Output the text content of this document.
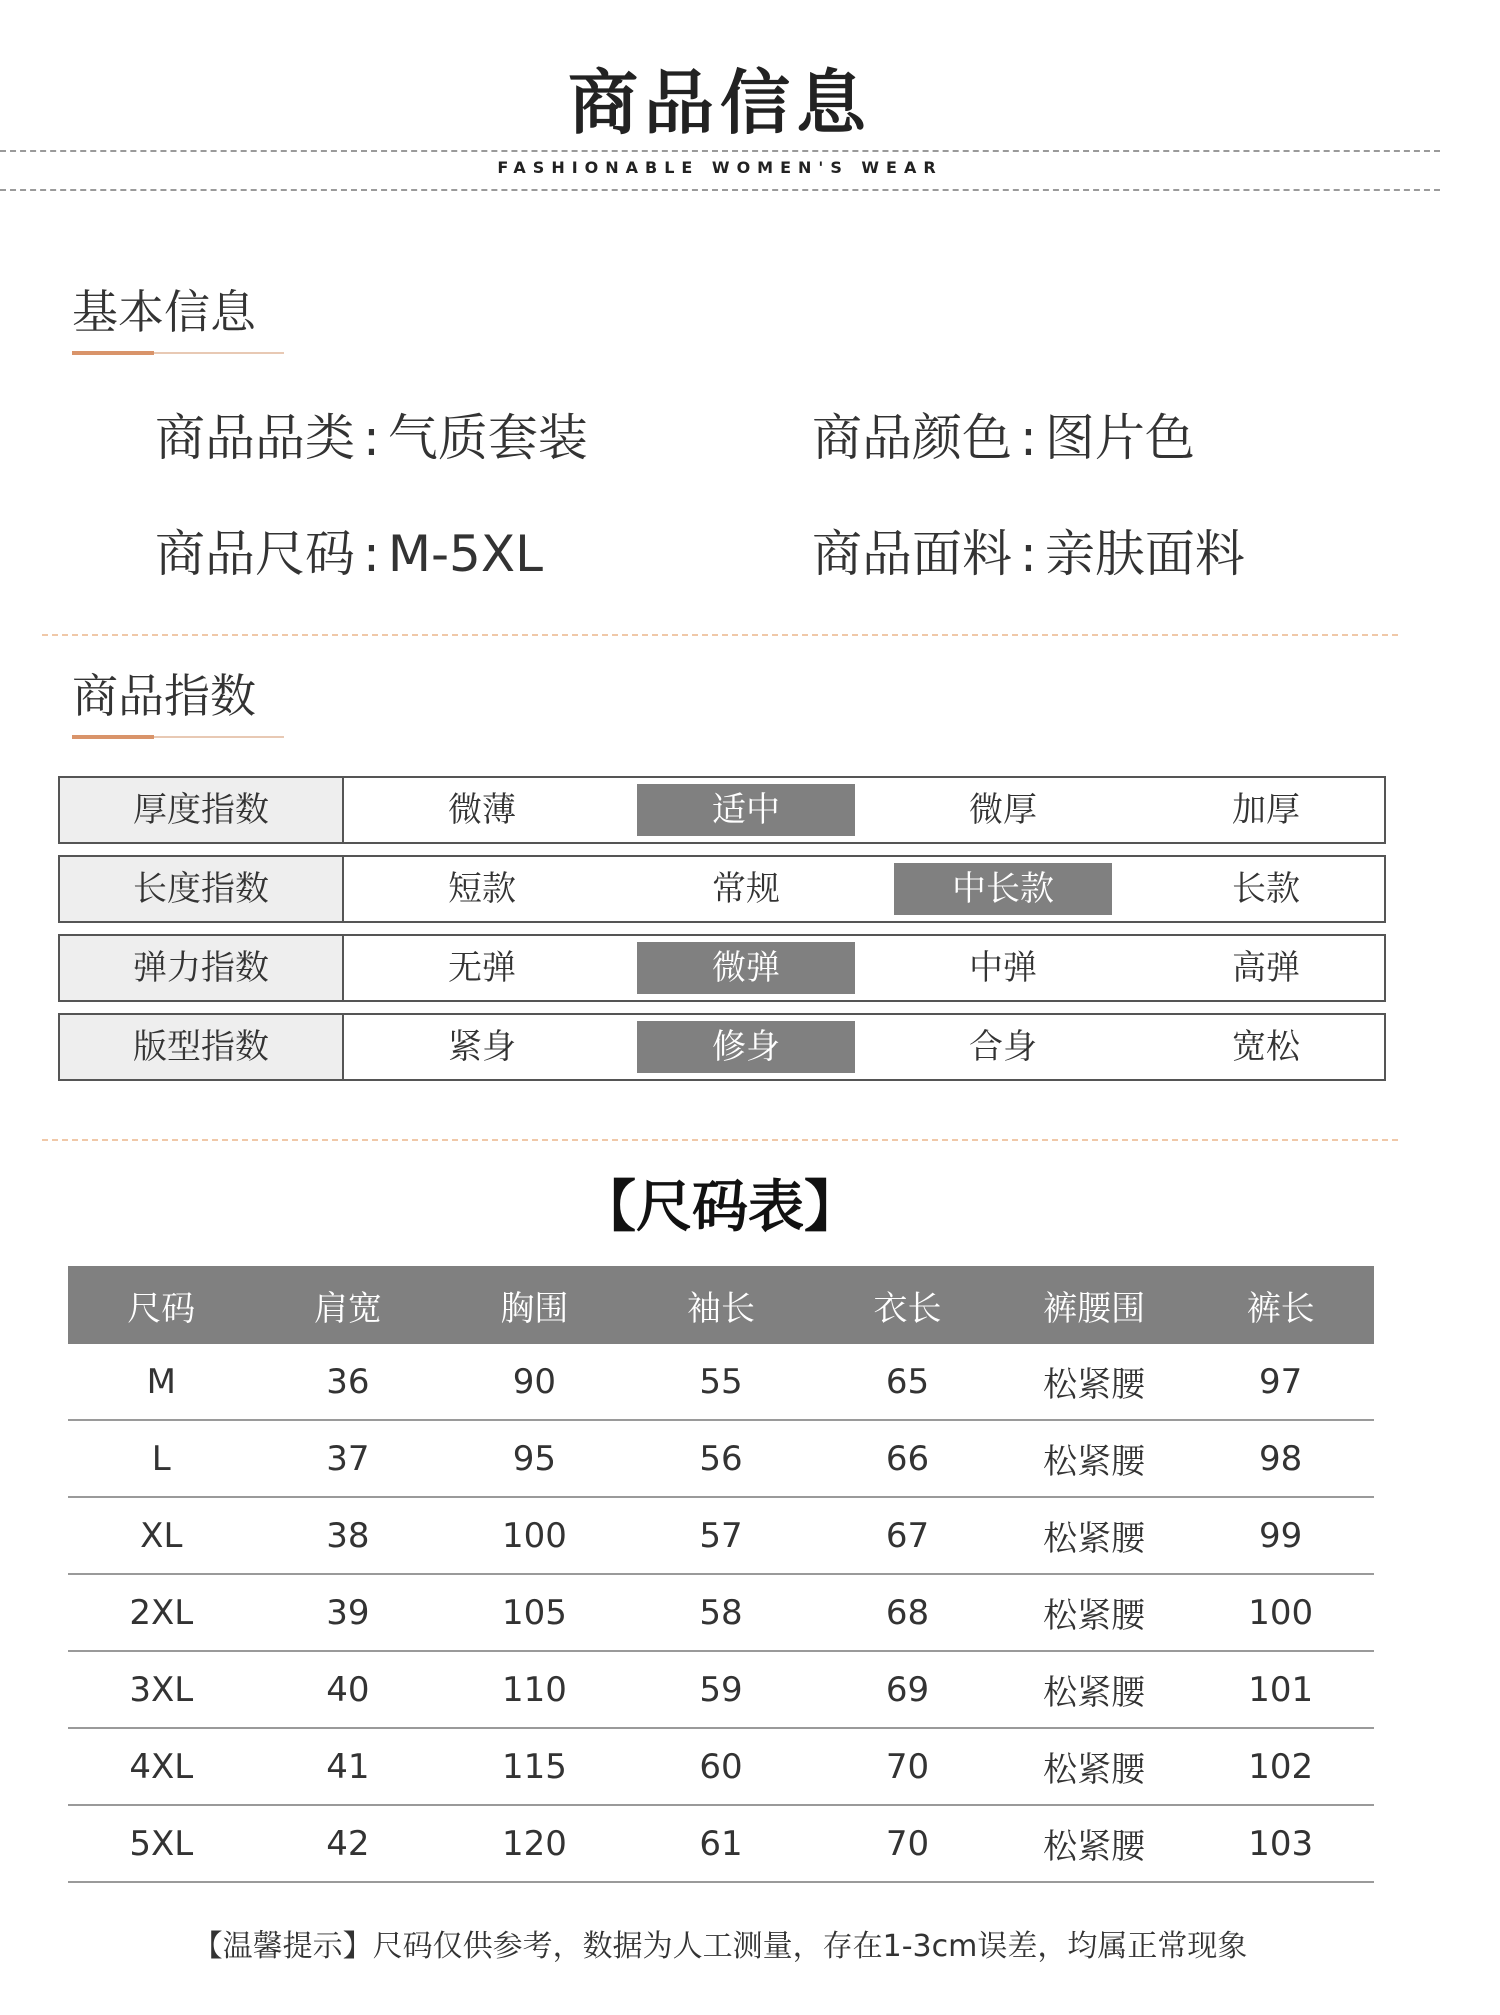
商品信息
FASHIONABLE WOMEN'S WEAR
基本信息
商品品类 : 气质套装	商品颜色 : 图片色
商品尺码 : M-5XL	商品面料 : 亲肤面料
商品指数
厚度指数	微薄	适中	微厚	加厚
长度指数	短款	常规	中长款	长款
弹力指数	无弹	微弹	中弹	高弹
版型指数	紧身	修身	合身	宽松
【尺码表】
尺码	肩宽	胸围	袖长	衣长	裤腰围	裤长
M	36	90	55	65	松紧腰	97
L	37	95	56	66	松紧腰	98
XL	38	100	57	67	松紧腰	99
2XL	39	105	58	68	松紧腰	100
3XL	40	110	59	69	松紧腰	101
4XL	41	115	60	70	松紧腰	102
5XL	42	120	61	70	松紧腰	103
【温馨提示】尺码仅供参考，数据为人工测量，存在1-3cm误差，均属正常现象
